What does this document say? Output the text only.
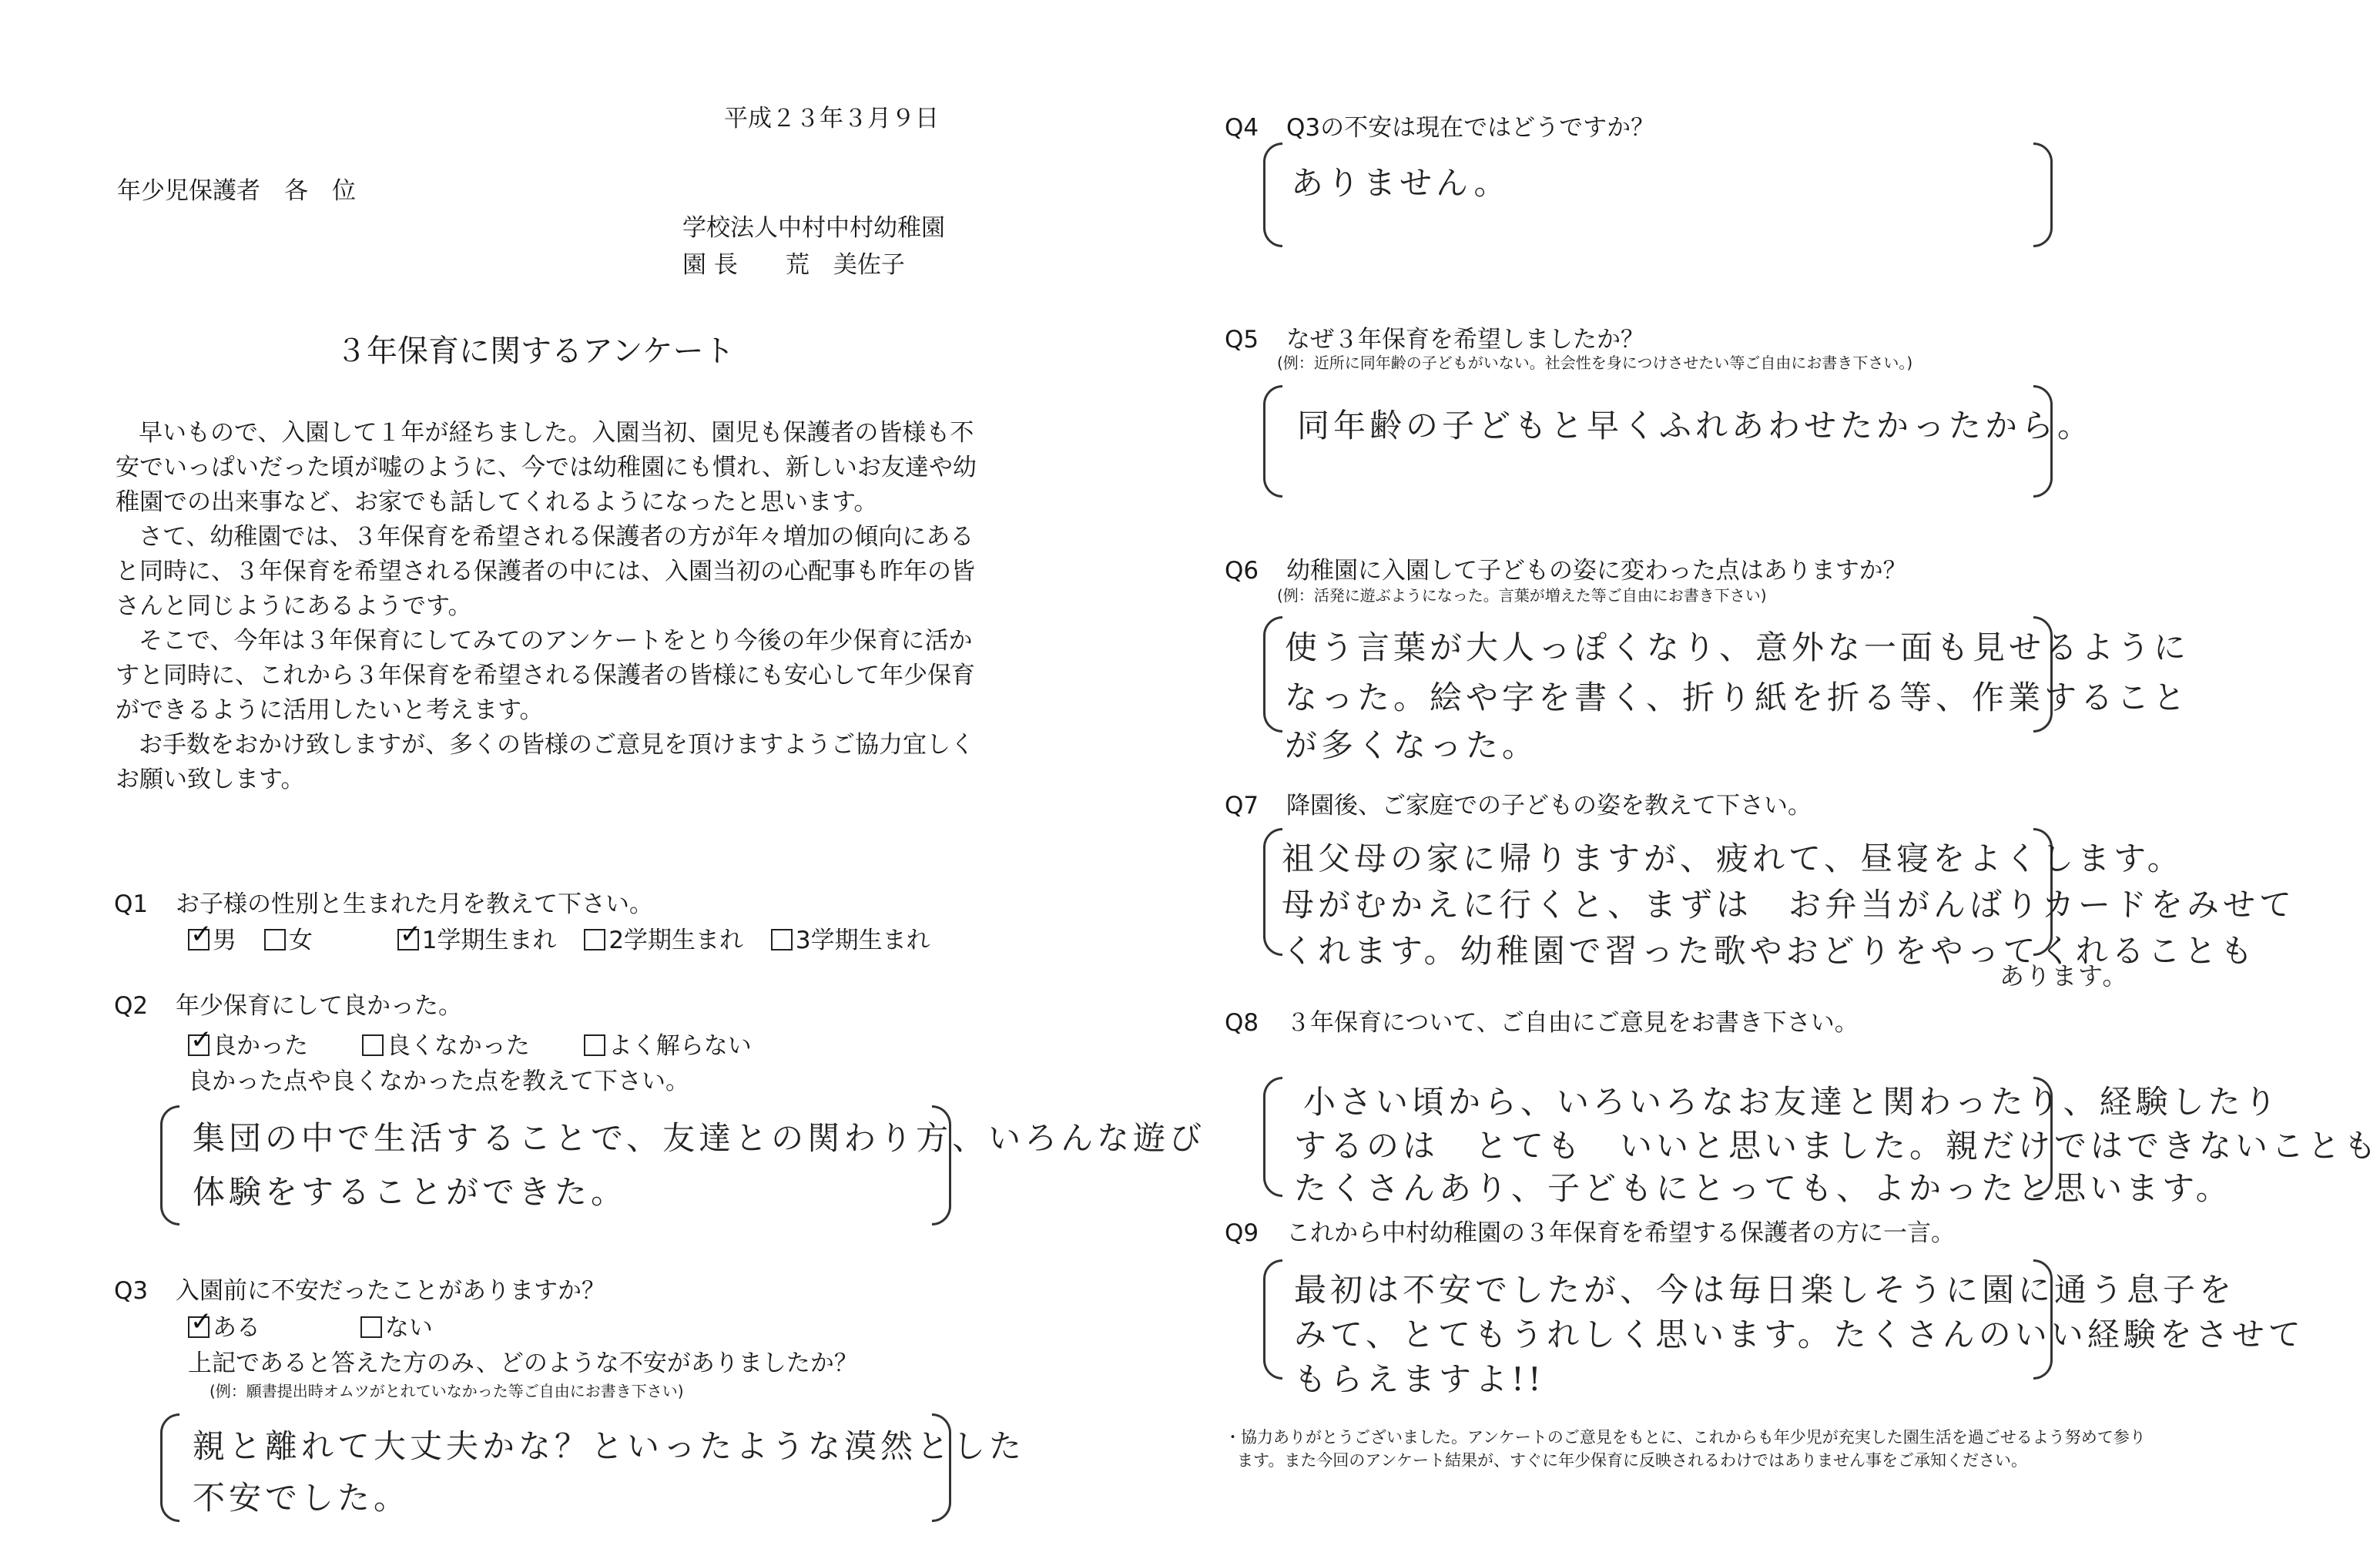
平成２３年３月９日
年少児保護者　各　位
学校法人中村中村幼稚園
園 長　　荒　美佐子
３年保育に関するアンケート

早いもので、入園して１年が経ちました。入園当初、園児も保護者の皆様も不安でいっぱいだった頃が嘘のように、今では幼稚園にも慣れ、新しいお友達や幼稚園での出来事など、お家でも話してくれるようになったと思います。

さて、幼稚園では、３年保育を希望される保護者の方が年々増加の傾向にあると同時に、３年保育を希望される保護者の中には、入園当初の心配事も昨年の皆さんと同じようにあるようです。

そこで、今年は３年保育にしてみてのアンケートをとり今後の年少保育に活かすと同時に、これから３年保育を希望される保護者の皆様にも安心して年少保育ができるように活用したいと考えます。

お手数をおかけ致しますが、多くの皆様のご意見を頂けますようご協力宜しくお願い致します。

Q1 お子様の性別と生まれた月を教えて下さい。
✓男 女 ✓	1学期生まれ 2学期生まれ 3学期生まれ
Q2 年少保育にして良かった。
✓良かった	良くなかった	よく解らない
良かった点や良くなかった点を教えて下さい。
集団の中で生活することで、友達との関わり方、いろんな遊び
体験をすることができた。
Q3 入園前に不安だったことがありますか？
✓ある	ない
上記であると答えた方のみ、どのような不安がありましたか？
(例：願書提出時オムツがとれていなかった等ご自由にお書き下さい)
親と離れて大丈夫かな？といったような漠然とした
不安でした。
Q4 Q3の不安は現在ではどうですか？
ありません。
Q5 なぜ３年保育を希望しましたか？
(例：近所に同年齢の子どもがいない。社会性を身につけさせたい等ご自由にお書き下さい。)
同年齢の子どもと早くふれあわせたかったから。
Q6 幼稚園に入園して子どもの姿に変わった点はありますか？
(例：活発に遊ぶようになった。言葉が増えた等ご自由にお書き下さい)
使う言葉が大人っぽくなり、意外な一面も見せるように
なった。絵や字を書く、折り紙を折る等、作業すること
が多くなった。
Q7 降園後、ご家庭での子どもの姿を教えて下さい。
祖父母の家に帰りますが、疲れて、昼寝をよくします。
母がむかえに行くと、まずは　お弁当がんばりカードをみせて
くれます。幼稚園で習った歌やおどりをやってくれることも
あります。
Q8 ３年保育について、ご自由にご意見をお書き下さい。
小さい頃から、いろいろなお友達と関わったり、経験したり
するのは　とても　いいと思いました。親だけではできないことも
たくさんあり、子どもにとっても、よかったと思います。
Q9 これから中村幼稚園の３年保育を希望する保護者の方に一言。
最初は不安でしたが、今は毎日楽しそうに園に通う息子を
みて、とてもうれしく思います。たくさんのいい経験をさせて
もらえますよ!!
・協力ありがとうございました。アンケートのご意見をもとに、これからも年少児が充実した園生活を過ごせるよう努めて参り
ます。また今回のアンケート結果が、すぐに年少保育に反映されるわけではありません事をご承知ください。
